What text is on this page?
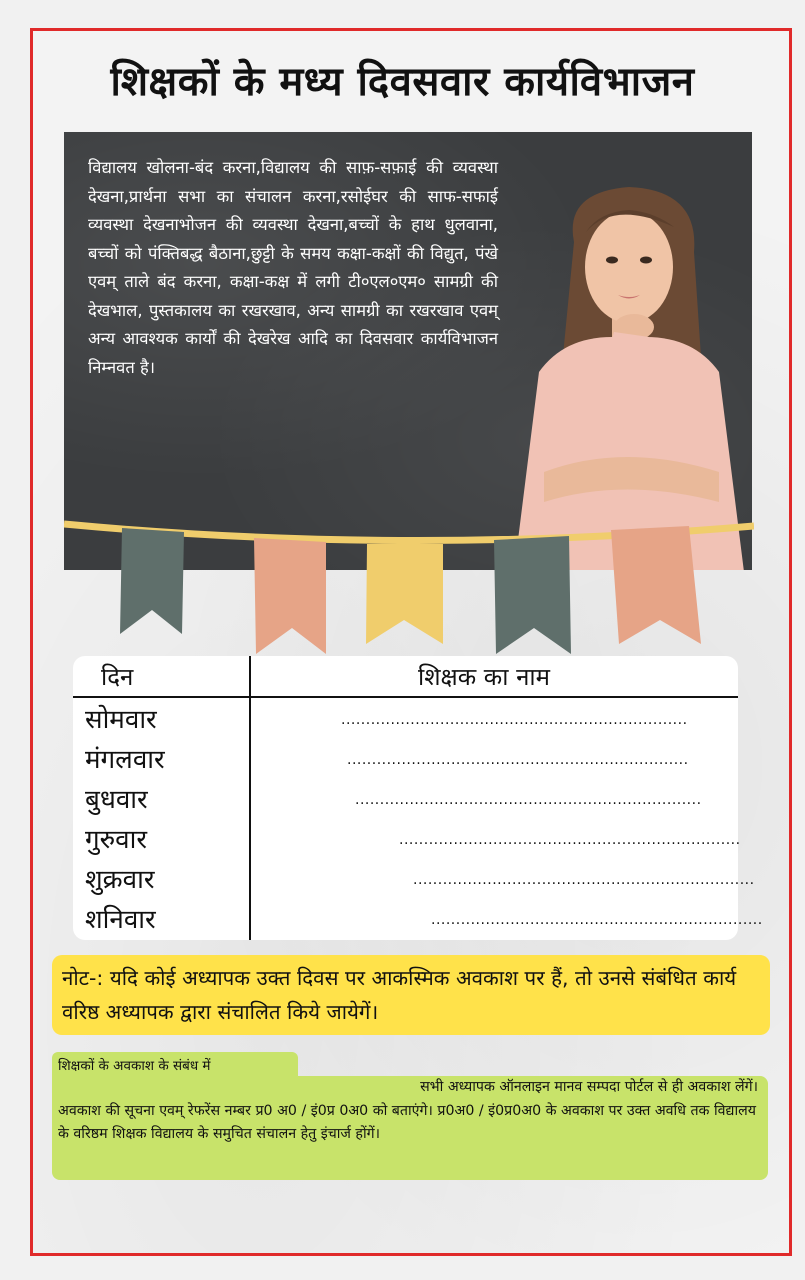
शिक्षकों के मध्य दिवसवार कार्यविभाजन

विद्यालय खोलना-बंद करना,विद्यालय की साफ़-सफ़ाई की व्यवस्था देखना,प्रार्थना सभा का संचालन करना,रसोईघर की साफ-सफाई व्यवस्था देखनाभोजन की व्यवस्था देखना,बच्चों के हाथ धुलवाना, बच्चों को पंक्तिबद्ध बैठाना,छुट्टी के समय कक्षा-कक्षों की विद्युत, पंखे एवम् ताले बंद करना, कक्षा-कक्ष में लगी टी०एल०एम० सामग्री की देखभाल, पुस्तकालय का रखरखाव, अन्य सामग्री का रखरखाव एवम् अन्य आवश्यक कार्यों की देखरेख आदि का दिवसवार कार्यविभाजन निम्नवत है।

दिन	शिक्षक का नाम
सोमवार	......................................................................
मंगलवार	.....................................................................
बुधवार	......................................................................
गुरुवार	.....................................................................
शुक्रवार	.....................................................................
शनिवार	...................................................................
नोट-: यदि कोई अध्यापक उक्त दिवस पर आकस्मिक अवकाश पर हैं, तो उनसे संबंधित कार्य वरिष्ठ अध्यापक द्वारा संचालित किये जायेगें।
शिक्षकों के अवकाश के संबंध में
सभी अध्यापक ऑनलाइन मानव सम्पदा पोर्टल से ही अवकाश लेंगें।
अवकाश की सूचना एवम् रेफरेंस नम्बर प्र0 अ0 / इं0प्र 0अ0 को बताएंगे। प्र0अ0 / इं0प्र0अ0 के अवकाश पर उक्त अवधि तक विद्यालय के वरिष्ठम शिक्षक विद्यालय के समुचित संचालन हेतु इंचार्ज होंगें।
